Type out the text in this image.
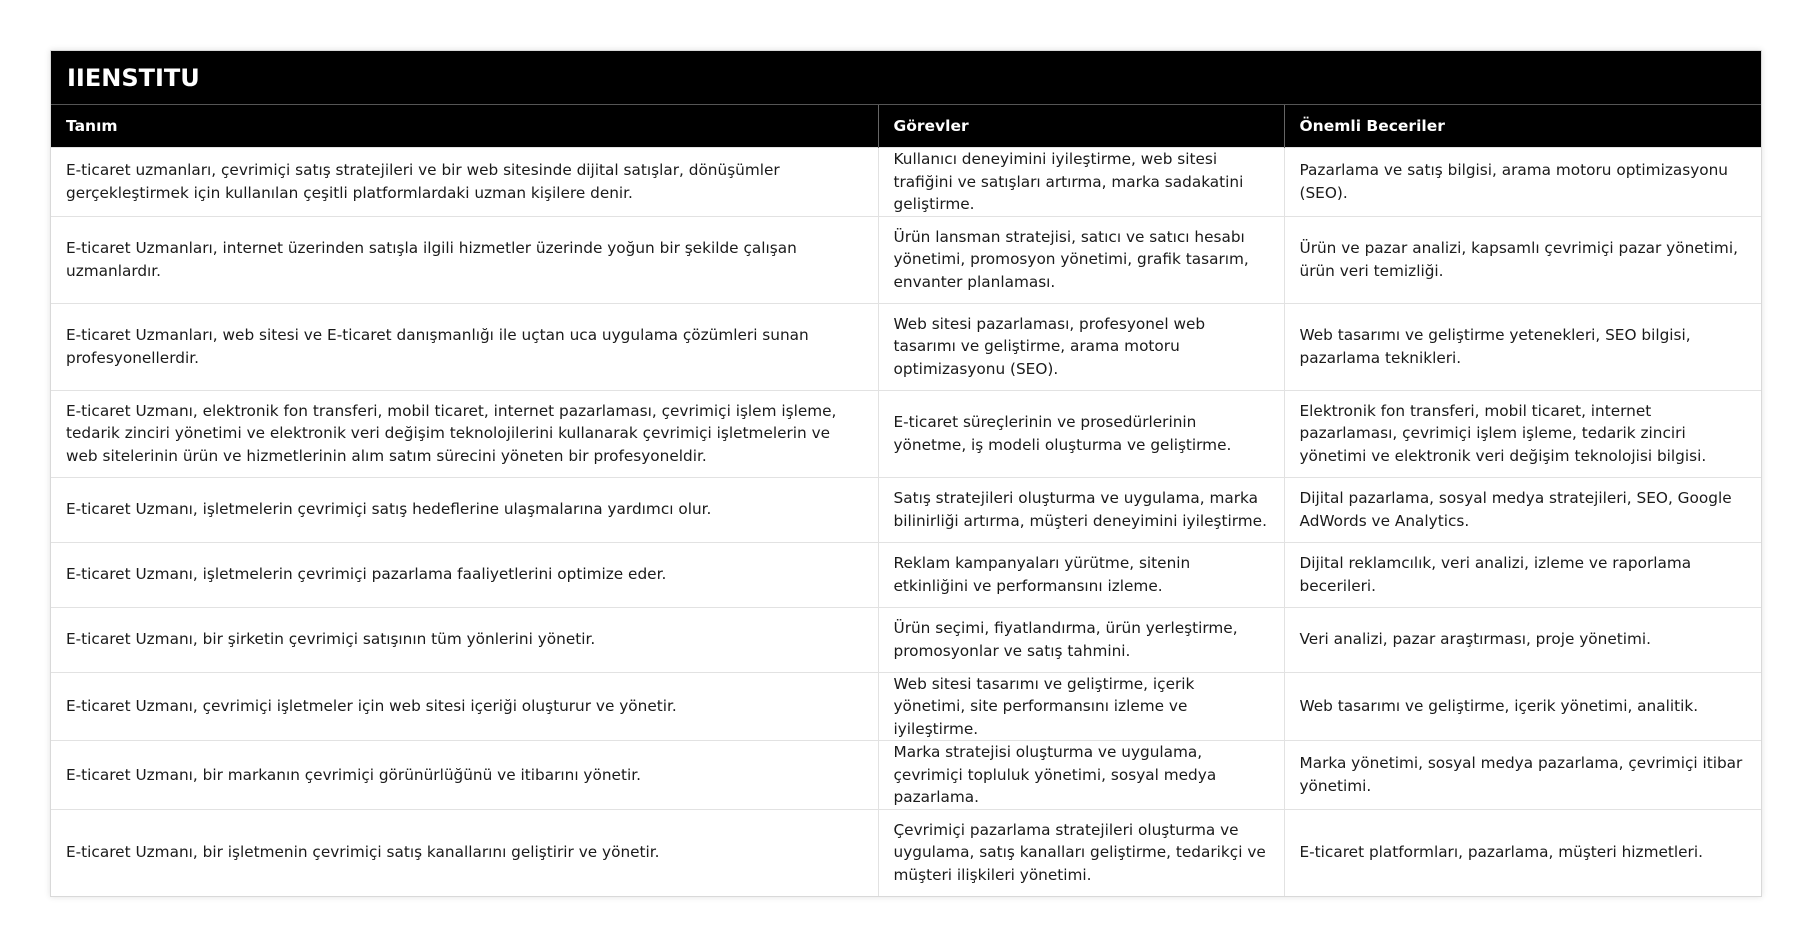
IIENSTITU
Tanım	Görevler	Önemli Beceriler
E-ticaret uzmanları, çevrimiçi satış stratejileri ve bir web sitesinde dijital satışlar, dönüşümler gerçekleştirmek için kullanılan çeşitli platformlardaki uzman kişilere denir.	Kullanıcı deneyimini iyileştirme, web sitesi trafiğini ve satışları artırma, marka sadakatini geliştirme.	Pazarlama ve satış bilgisi, arama motoru optimizasyonu (SEO).
E-ticaret Uzmanları, internet üzerinden satışla ilgili hizmetler üzerinde yoğun bir şekilde çalışan uzmanlardır.	Ürün lansman stratejisi, satıcı ve satıcı hesabı yönetimi, promosyon yönetimi, grafik tasarım, envanter planlaması.	Ürün ve pazar analizi, kapsamlı çevrimiçi pazar yönetimi, ürün veri temizliği.
E-ticaret Uzmanları, web sitesi ve E-ticaret danışmanlığı ile uçtan uca uygulama çözümleri sunan profesyonellerdir.	Web sitesi pazarlaması, profesyonel web tasarımı ve geliştirme, arama motoru optimizasyonu (SEO).	Web tasarımı ve geliştirme yetenekleri, SEO bilgisi, pazarlama teknikleri.
E-ticaret Uzmanı, elektronik fon transferi, mobil ticaret, internet pazarlaması, çevrimiçi işlem işleme, tedarik zinciri yönetimi ve elektronik veri değişim teknolojilerini kullanarak çevrimiçi işletmelerin ve web sitelerinin ürün ve hizmetlerinin alım satım sürecini yöneten bir profesyoneldir.	E-ticaret süreçlerinin ve prosedürlerinin yönetme, iş modeli oluşturma ve geliştirme.	Elektronik fon transferi, mobil ticaret, internet pazarlaması, çevrimiçi işlem işleme, tedarik zinciri yönetimi ve elektronik veri değişim teknolojisi bilgisi.
E-ticaret Uzmanı, işletmelerin çevrimiçi satış hedeflerine ulaşmalarına yardımcı olur.	Satış stratejileri oluşturma ve uygulama, marka bilinirliği artırma, müşteri deneyimini iyileştirme.	Dijital pazarlama, sosyal medya stratejileri, SEO, Google AdWords ve Analytics.
E-ticaret Uzmanı, işletmelerin çevrimiçi pazarlama faaliyetlerini optimize eder.	Reklam kampanyaları yürütme, sitenin etkinliğini ve performansını izleme.	Dijital reklamcılık, veri analizi, izleme ve raporlama becerileri.
E-ticaret Uzmanı, bir şirketin çevrimiçi satışının tüm yönlerini yönetir.	Ürün seçimi, fiyatlandırma, ürün yerleştirme, promosyonlar ve satış tahmini.	Veri analizi, pazar araştırması, proje yönetimi.
E-ticaret Uzmanı, çevrimiçi işletmeler için web sitesi içeriği oluşturur ve yönetir.	Web sitesi tasarımı ve geliştirme, içerik yönetimi, site performansını izleme ve iyileştirme.	Web tasarımı ve geliştirme, içerik yönetimi, analitik.
E-ticaret Uzmanı, bir markanın çevrimiçi görünürlüğünü ve itibarını yönetir.	Marka stratejisi oluşturma ve uygulama, çevrimiçi topluluk yönetimi, sosyal medya pazarlama.	Marka yönetimi, sosyal medya pazarlama, çevrimiçi itibar yönetimi.
E-ticaret Uzmanı, bir işletmenin çevrimiçi satış kanallarını geliştirir ve yönetir.	Çevrimiçi pazarlama stratejileri oluşturma ve uygulama, satış kanalları geliştirme, tedarikçi ve müşteri ilişkileri yönetimi.	E-ticaret platformları, pazarlama, müşteri hizmetleri.
